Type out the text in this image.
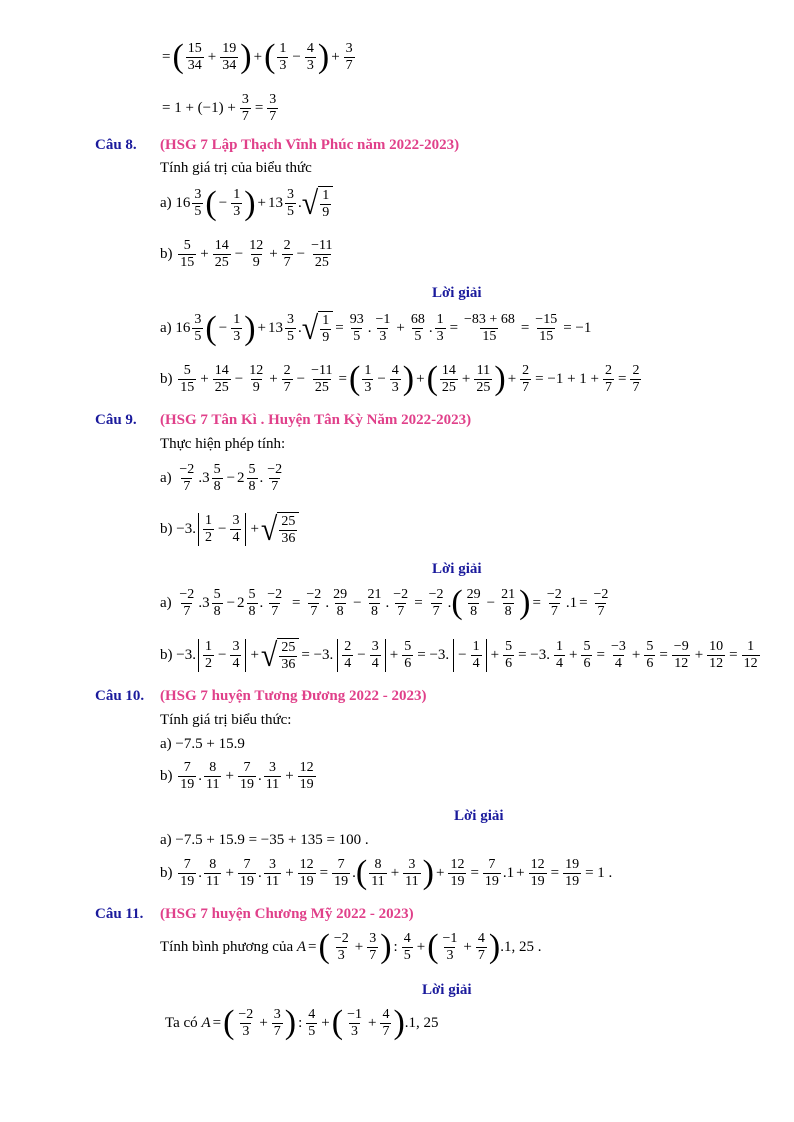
=
( 15
34
+ $\frac{19}{34}$
) +
( 1
3
− $\frac{4}{3}$
) + $\frac{3}{7}$
= $1 + (-1) + \frac{3}{7} = \frac{3}{7}$
Câu 8. (HSG 7 Lập Thạch Vĩnh Phúc năm 2022-2023)
Tính giá trị của biểu thức
a)
16
3
5
( − $\frac{1}{3}$
) + 13
3
5
. √ 1
9
b)

5
15
+ $\frac{14}{25} - \frac{12}{9} + \frac{2}{7} - \frac{-11}{25}$
Lời giải
a)
16
3
5
( − $\frac{1}{3}$
) + 13
3
5
. √ 1
9
= $\frac{93}{5}$ .
−1
3
+ $\frac{68}{5}$ . $\frac{1}{3} = \frac{-83 + 68}{15} = \frac{-15}{15} = -1$
b)

5
15
+ $\frac{14}{25} - \frac{12}{9} + \frac{2}{7} - \frac{-11}{25}$ =
( 1
3
− $\frac{4}{3}$
) +
( 14
25
+ $\frac{11}{25}$
) + $\frac{2}{7} = -1 + 1 + \frac{2}{7} = \frac{2}{7}$
Câu 9. (HSG 7 Tân Kì . Huyện Tân Kỳ Năm 2022-2023)
Thực hiện phép tính:
a)

−2
7
. 3
5
8
− 2
5
8
.
−2
7
b)
−3.
1
2
− $\frac{3}{4}$ + √ 25
36
Lời giải
a)

−2
7
. 3
5
8
− 2
5
8
. $\frac{-2}{7} = \frac{-2}{7}$ .
29
8
− $\frac{21}{8}$ . $\frac{-2}{7} = \frac{-2}{7}$ .
( 29
8
− $\frac{21}{8}$
) = $\frac{-2}{7} .1 = \frac{-2}{7}$
b)
−3.
1
2
− $\frac{3}{4}$ + √ 25
36
= −3.
2
4
− $\frac{3}{4} + \frac{5}{6} = -3$. − $\frac{1}{4} + \frac{5}{6} = -3$.
1
4
+ $\frac{5}{6} = \frac{-3}{4} + \frac{5}{6} = \frac{-9}{12} + \frac{10}{12} = \frac{1}{12}$
Câu 10. (HSG 7 huyện Tương Đương 2022 - 2023)
Tính giá trị biểu thức:
a) −7.5 + 15.9
b)

7
19
.
8
11
+ $\frac{7}{19}$ .
3
11
+ $\frac{12}{19}$
Lời giải
a) −7.5 + 15.9 = −35 + 135 = 100 .
b)

7
19
.
8
11
+ $\frac{7}{19}$ .
3
11
+ $\frac{12}{19} = \frac{7}{19}$ .
( 8
11
+ $\frac{3}{11}$
) + $\frac{12}{19} = \frac{7}{19} .1 + \frac{12}{19} = \frac{19}{19} = 1$ .
Câu 11. (HSG 7 huyện Chương Mỹ 2022 - 2023)
Tính bình phương của
A =
( −2
3
+ $\frac{3}{7}$
) :
4
5
+
( −1
3
+ $\frac{4}{7}$
) .1, 25 .
Lời giải
Ta có
A =
( −2
3
+ $\frac{3}{7}$
) :
4
5
+
( −1
3
+ $\frac{4}{7}$
) .1, 25
